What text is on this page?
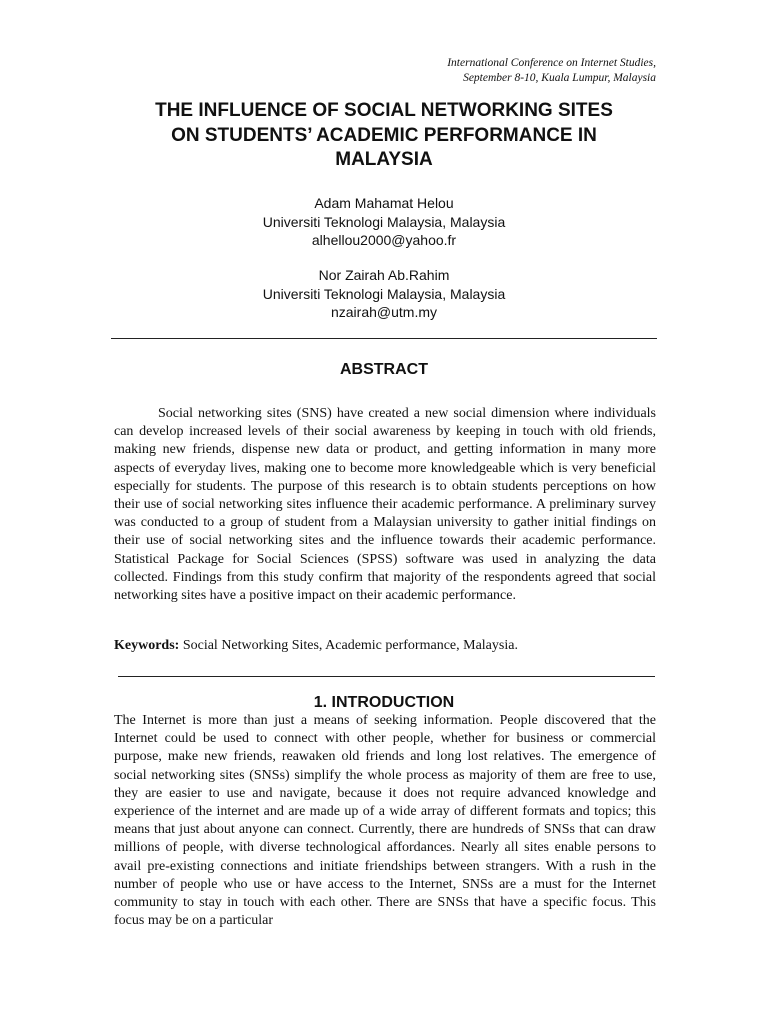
International Conference on Internet Studies,
September 8-10, Kuala Lumpur, Malaysia
THE INFLUENCE OF SOCIAL NETWORKING SITES
ON STUDENTS’ ACADEMIC PERFORMANCE IN
MALAYSIA
Adam Mahamat Helou
Universiti Teknologi Malaysia, Malaysia
alhellou2000@yahoo.fr
Nor Zairah Ab.Rahim
Universiti Teknologi Malaysia, Malaysia
nzairah@utm.my
ABSTRACT

Social networking sites (SNS) have created a new social dimension where individuals can develop increased levels of their social awareness by keeping in touch with old friends, making new friends, dispense new data or product, and getting information in many more aspects of everyday lives, making one to become more knowledgeable which is very beneficial especially for students. The purpose of this research is to obtain students perceptions on how their use of social networking sites influence their academic performance. A preliminary survey was conducted to a group of student from a Malaysian university to gather initial findings on their use of social networking sites and the influence towards their academic performance. Statistical Package for Social Sciences (SPSS) software was used in analyzing the data collected. Findings from this study confirm that majority of the respondents agreed that social networking sites have a positive impact on their academic performance.

Keywords: Social Networking Sites, Academic performance, Malaysia.

1. INTRODUCTION

The Internet is more than just a means of seeking information. People discovered that the Internet could be used to connect with other people, whether for business or commercial purpose, make new friends, reawaken old friends and long lost relatives. The emergence of social networking sites (SNSs) simplify the whole process as majority of them are free to use, they are easier to use and navigate, because it does not require advanced knowledge and experience of the internet and are made up of a wide array of different formats and topics; this means that just about anyone can connect. Currently, there are hundreds of SNSs that can draw millions of people, with diverse technological affordances. Nearly all sites enable persons to avail pre-existing connections and initiate friendships between strangers. With a rush in the number of people who use or have access to the Internet, SNSs are a must for the Internet community to stay in touch with each other. There are SNSs that have a specific focus. This focus may be on a particular
